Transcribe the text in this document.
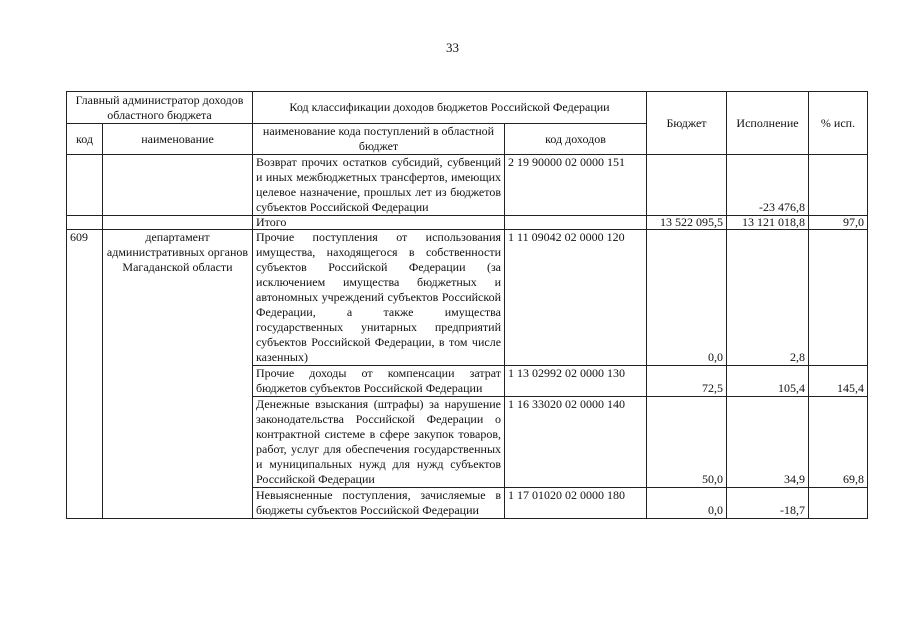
33
Главный администратор доходов областного бюджета		Код классификации доходов бюджетов Российской Федерации		Бюджет	Исполнение	% исп.
код	наименование	наименование кода поступлений в областной бюджет	код доходов			
		Возврат прочих остатков субсидий, субвенций и иных межбюджетных трансфертов, имеющих целевое назначение, прошлых лет из бюджетов субъектов Российской Федерации	2 19 90000 02 0000 151		-23 476,8	
		Итого		13 522 095,5	13 121 018,8	97,0
609	департамент административных органов Магаданской области	Прочие поступления от использования имущества, находящегося в собственности субъектов Российской Федерации (за исключением имущества бюджетных и автономных учреждений субъектов Российской Федерации, а также имущества государственных унитарных предприятий субъектов Российской Федерации, в том числе казенных)	1 11 09042 02 0000 120	0,0	2,8	
		Прочие доходы от компенсации затрат бюджетов субъектов Российской Федерации	1 13 02992 02 0000 130	72,5	105,4	145,4
		Денежные взыскания (штрафы) за нарушение законодательства Российской Федерации о контрактной системе в сфере закупок товаров, работ, услуг для обеспечения государственных и муниципальных нужд для нужд субъектов Российской Федерации	1 16 33020 02 0000 140	50,0	34,9	69,8
		Невыясненные поступления, зачисляемые в бюджеты субъектов Российской Федерации	1 17 01020 02 0000 180	0,0	-18,7	
